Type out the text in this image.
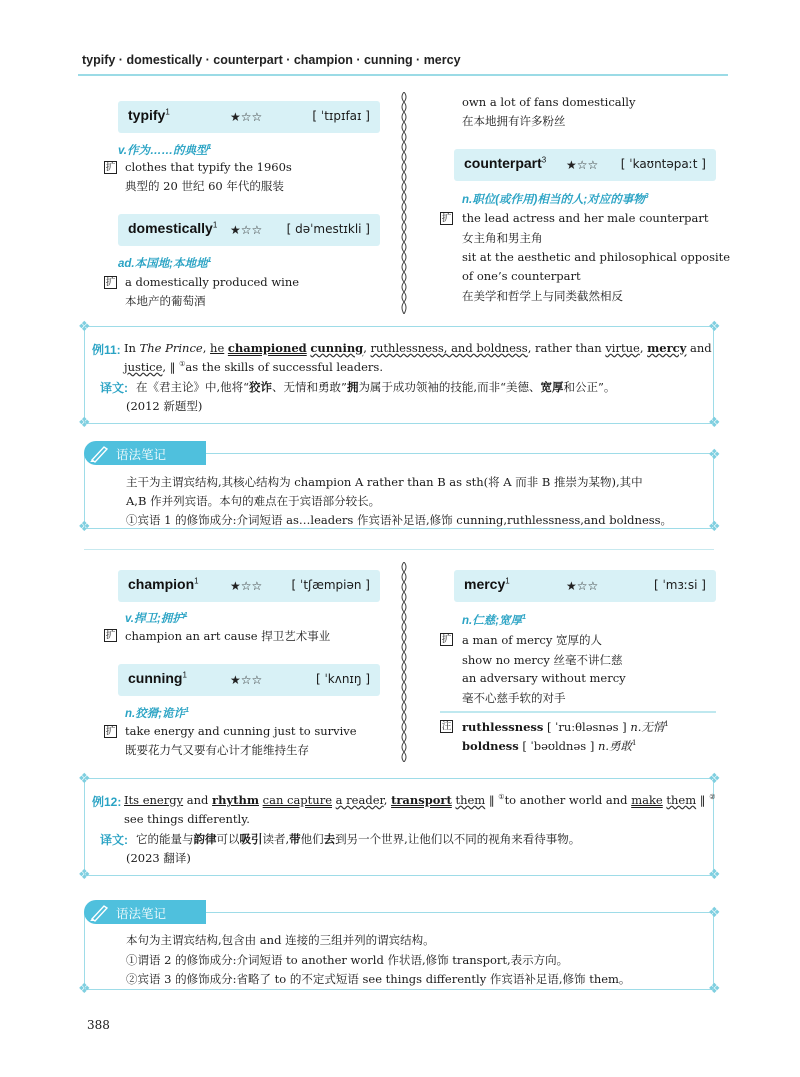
typify · domestically · counterpart · champion · cunning · mercy
typify$^1$	★☆☆	[ ˈtɪpɪfaɪ ]
v.作为……的典型$^1$
扩 clothes that typify the 1960s
典型的 20 世纪 60 年代的服装
domestically$^1$ ★☆☆ [ dəˈmestɪkli ]
ad.本国地;本地地$^1$
扩 a domestically produced wine
本地产的葡萄酒
own a lot of fans domestically
在本地拥有许多粉丝
counterpart$^3$ ★☆☆ [ ˈkaʊntəpaːt ]
n.职位(或作用)相当的人;对应的事物$^3$
扩 the lead actress and her male counterpart
女主角和男主角
sit at the aesthetic and philosophical opposite
of one’s counterpart
在美学和哲学上与同类截然相反
❖	❖
❖	❖
例11: In The Prince, he championed cunning, ruthlessness, and boldness, rather than virtue, mercy and
justice, ‖ ①as the skills of successful leaders.
译文: 在《君主论》中,他将“狡诈、无情和勇敢”拥为属于成功领袖的技能,而非“美德、宽厚和公正”。
(2012 新题型)
语法笔记	❖
❖	❖
主干为主谓宾结构,其核心结构为 champion A rather than B as sth(将 A 而非 B 推崇为某物),其中
A,B 作并列宾语。本句的难点在于宾语部分较长。
①宾语 1 的修饰成分:介词短语 as…leaders 作宾语补足语,修饰 cunning,ruthlessness,and boldness。
champion$^1$	★☆☆ [ ˈtʃæmpiən ]
v.捍卫;拥护$^1$
扩 champion an art cause 捍卫艺术事业
cunning$^1$	★☆☆	[ ˈkʌnɪŋ ]
n.狡猾;诡诈$^1$
扩 take energy and cunning just to survive
既要花力气又要有心计才能维持生存
mercy$^1$	★☆☆	[ ˈmɜːsi ]
n.仁慈;宽厚$^1$
扩 a man of mercy 宽厚的人
show no mercy 丝毫不讲仁慈
an adversary without mercy
毫不心慈手软的对手
注 ruthlessness [ ˈruːθləsnəs ] n.无情$^1$
boldness [ ˈbəʊldnəs ] n.勇敢$^1$
❖	❖
❖	❖
例12: Its energy and rhythm can capture a reader, transport them ‖ ①to another world and make them ‖ ②
see things differently.
译文: 它的能量与韵律可以吸引读者,带他们去到另一个世界,让他们以不同的视角来看待事物。
(2023 翻译)
语法笔记	❖
❖	❖
本句为主谓宾结构,包含由 and 连接的三组并列的谓宾结构。
①谓语 2 的修饰成分:介词短语 to another world 作状语,修饰 transport,表示方向。
②宾语 3 的修饰成分:省略了 to 的不定式短语 see things differently 作宾语补足语,修饰 them。
388
